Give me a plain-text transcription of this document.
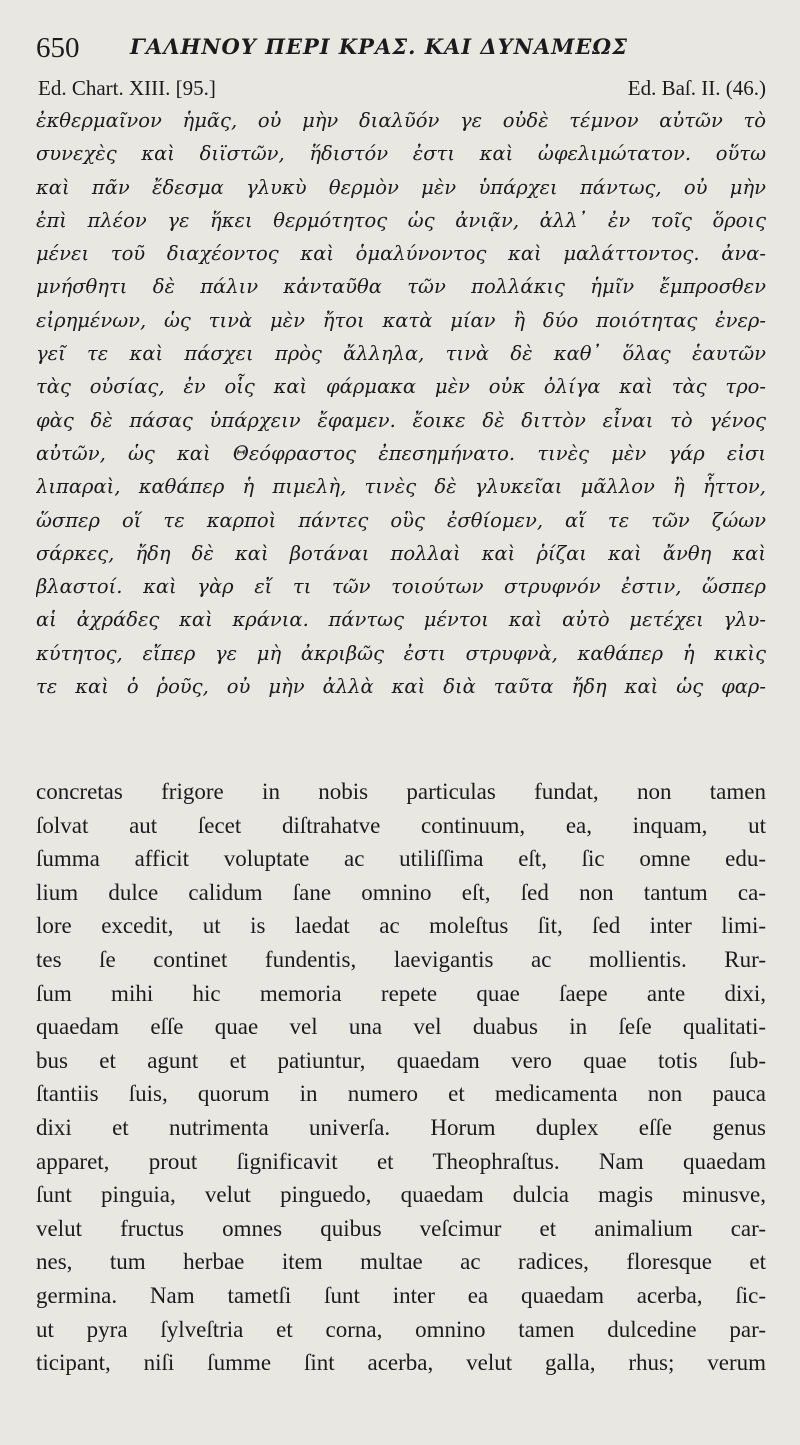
650 ΓΑΛΗΝΟΥ ΠΕΡΙ ΚΡΑΣ. ΚΑΙ ΔΥΝΑΜΕΩΣ
Ed. Chart. XIII. [95.]	Ed. Baſ. II. (46.)
ἐκθερμαῖνον ἡμᾶς, οὐ μὴν διαλῦόν γε οὐδὲ τέμνον αὐτῶν τὸ
συνεχὲς καὶ διϊστῶν, ἥδιστόν ἐστι καὶ ὠφελιμώτατον. οὕτω
καὶ πᾶν ἔδεσμα γλυκὺ θερμὸν μὲν ὑπάρχει πάντως, οὐ μὴν
ἐπὶ πλέον γε ἥκει θερμότητος ὡς ἀνιᾷν, ἀλλ᾽ ἐν τοῖς ὅροις
μένει τοῦ διαχέοντος καὶ ὁμαλύνοντος καὶ μαλάττοντος. ἀνα-
μνήσθητι δὲ πάλιν κἀνταῦθα τῶν πολλάκις ἡμῖν ἔμπροσθεν
εἰρημένων, ὡς τινὰ μὲν ἤτοι κατὰ μίαν ἢ δύο ποιότητας ἐνερ-
γεῖ τε καὶ πάσχει πρὸς ἄλληλα, τινὰ δὲ καθ᾽ ὅλας ἑαυτῶν
τὰς οὐσίας, ἐν οἷς καὶ φάρμακα μὲν οὐκ ὀλίγα καὶ τὰς τρο-
φὰς δὲ πάσας ὑπάρχειν ἔφαμεν. ἔοικε δὲ διττὸν εἶναι τὸ γένος
αὐτῶν, ὡς καὶ Θεόφραστος ἐπεσημήνατο. τινὲς μὲν γάρ εἰσι
λιπαραὶ, καθάπερ ἡ πιμελὴ, τινὲς δὲ γλυκεῖαι μᾶλλον ἢ ἧττον,
ὥσπερ οἵ τε καρποὶ πάντες οὓς ἐσθίομεν, αἵ τε τῶν ζώων
σάρκες, ἤδη δὲ καὶ βοτάναι πολλαὶ καὶ ῥίζαι καὶ ἄνθη καὶ
βλαστοί. καὶ γὰρ εἴ τι τῶν τοιούτων στρυφνόν ἐστιν, ὥσπερ
αἱ ἀχράδες καὶ κράνια. πάντως μέντοι καὶ αὐτὸ μετέχει γλυ-
κύτητος, εἴπερ γε μὴ ἀκριβῶς ἐστι στρυφνὰ, καθάπερ ἡ κικὶς
τε καὶ ὁ ῥοῦς, οὐ μὴν ἀλλὰ καὶ διὰ ταῦτα ἤδη καὶ ὡς φαρ-
concretas frigore in nobis particulas fundat, non tamen
ſolvat aut ſecet diſtrahatve continuum, ea, inquam, ut
ſumma afficit voluptate ac utiliſſima eſt, ſic omne edu-
lium dulce calidum ſane omnino eſt, ſed non tantum ca-
lore excedit, ut is laedat ac moleſtus ſit, ſed inter limi-
tes ſe continet fundentis, laevigantis ac mollientis. Rur-
ſum mihi hic memoria repete quae ſaepe ante dixi,
quaedam eſſe quae vel una vel duabus in ſeſe qualitati-
bus et agunt et patiuntur, quaedam vero quae totis ſub-
ſtantiis ſuis, quorum in numero et medicamenta non pauca
dixi et nutrimenta univerſa. Horum duplex eſſe genus
apparet, prout ſignificavit et Theophraſtus. Nam quaedam
ſunt pinguia, velut pinguedo, quaedam dulcia magis minusve,
velut fructus omnes quibus veſcimur et animalium car-
nes, tum herbae item multae ac radices, floresque et
germina. Nam tametſi ſunt inter ea quaedam acerba, ſic-
ut pyra ſylveſtria et corna, omnino tamen dulcedine par-
ticipant, niſi ſumme ſint acerba, velut galla, rhus; verum
